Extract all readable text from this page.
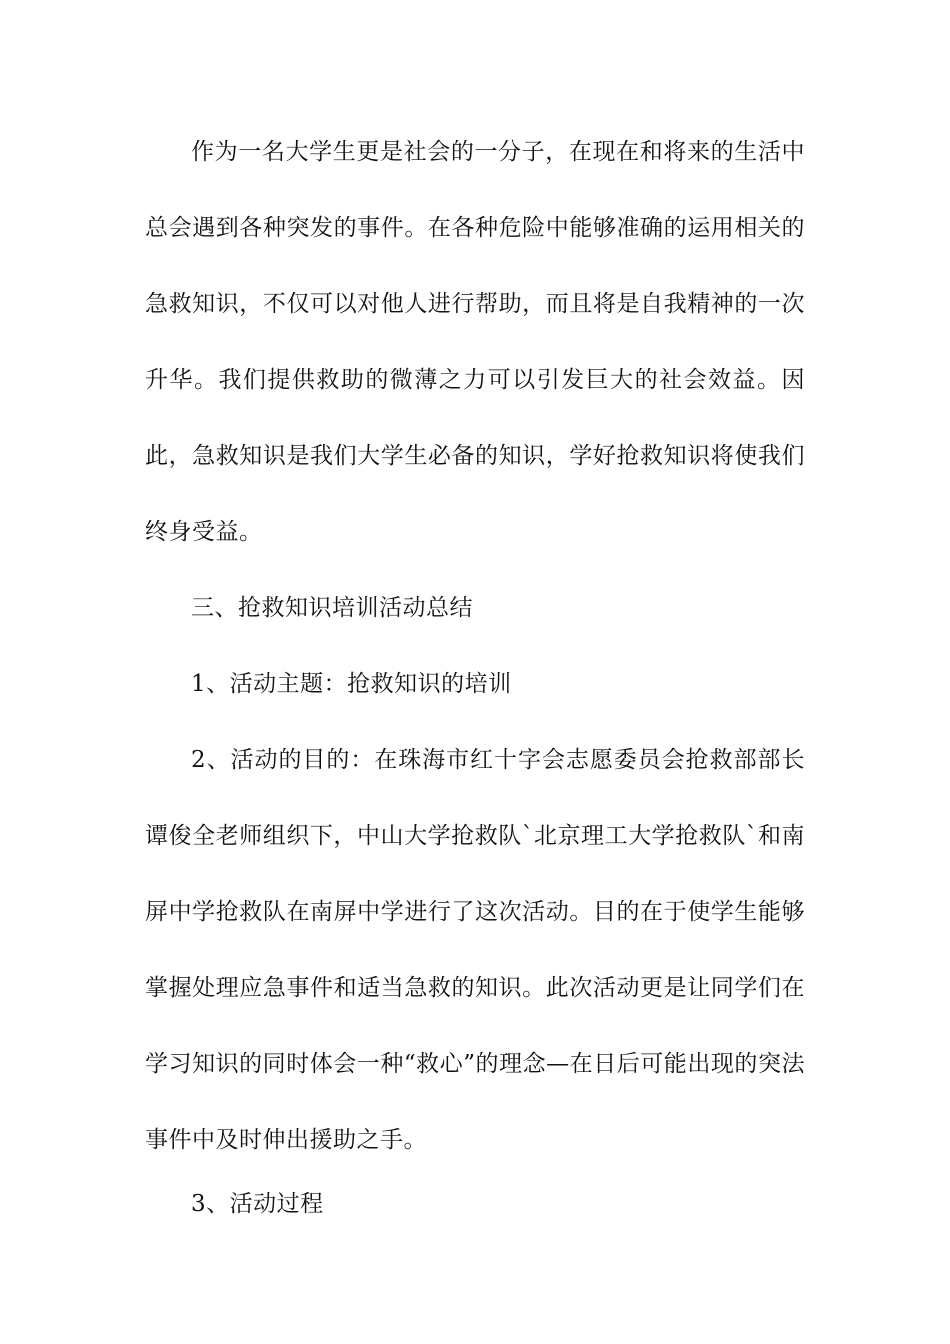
作为一名大学生更是社会的一分子，在现在和将来的生活中总会遇到各种突发的事件。在各种危险中能够准确的运用相关的急救知识，不仅可以对他人进行帮助，而且将是自我精神的一次升华。我们提供救助的微薄之力可以引发巨大的社会效益。因此，急救知识是我们大学生必备的知识，学好抢救知识将使我们终身受益。

三、抢救知识培训活动总结

1、活动主题：抢救知识的培训

2、活动的目的：在珠海市红十字会志愿委员会抢救部部长谭俊全老师组织下，中山大学抢救队`北京理工大学抢救队`和南屏中学抢救队在南屏中学进行了这次活动。目的在于使学生能够掌握处理应急事件和适当急救的知识。此次活动更是让同学们在学习知识的同时体会一种“救心”的理念—在日后可能出现的突法事件中及时伸出援助之手。

3、活动过程
